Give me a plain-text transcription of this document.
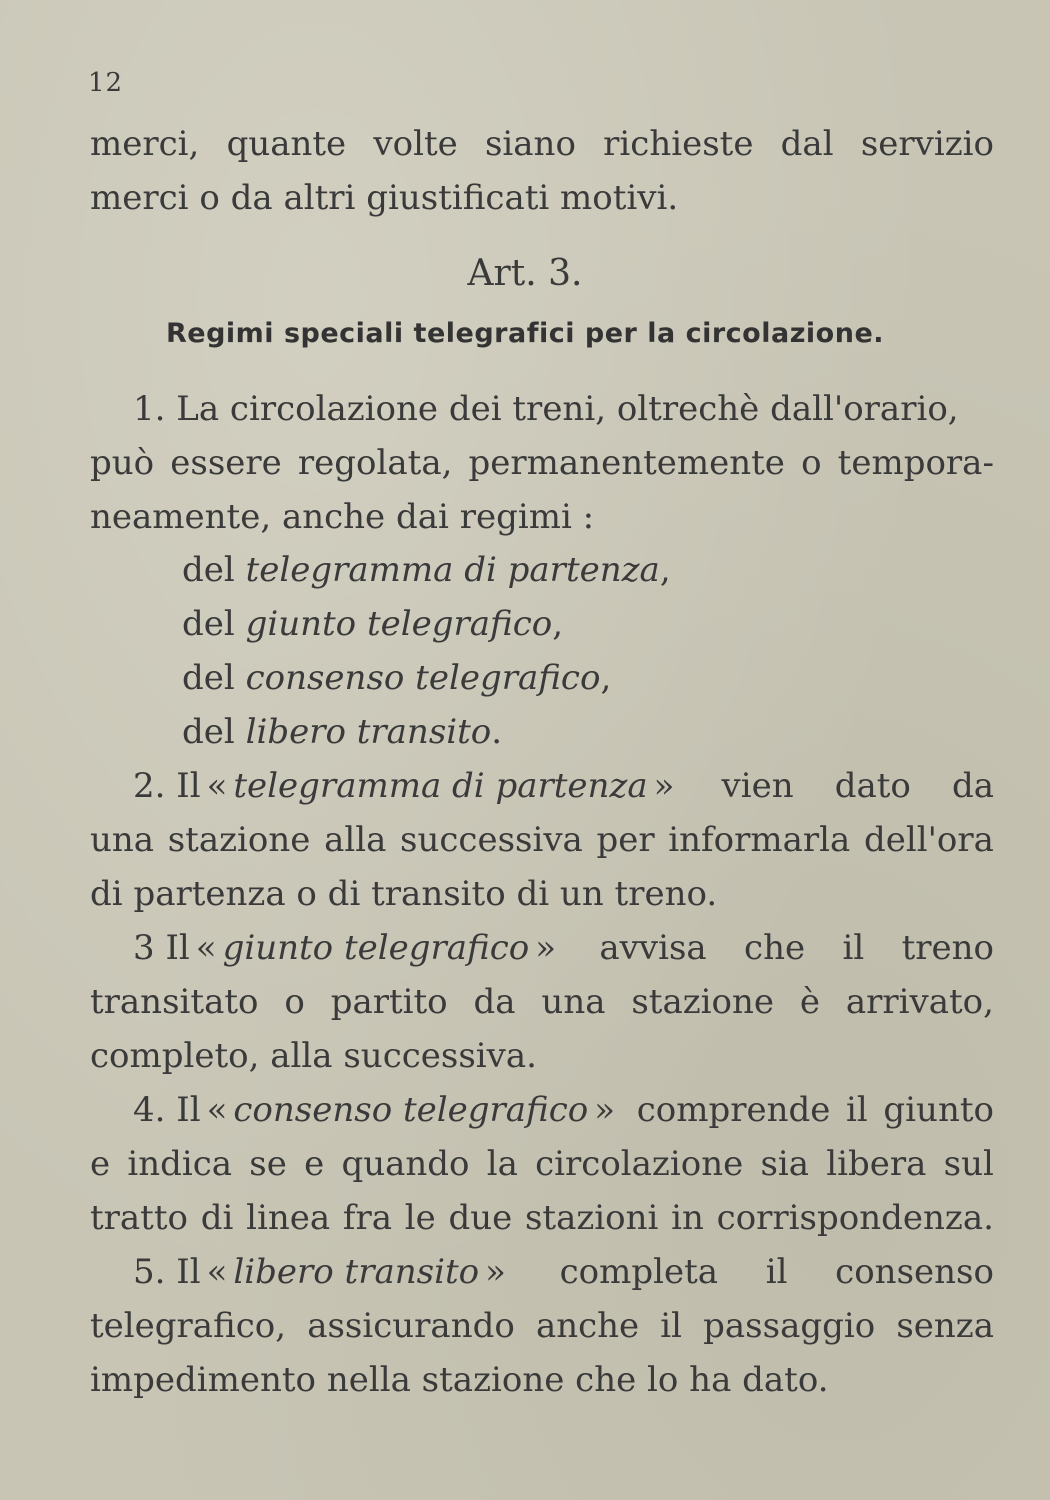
12
merci, quante volte siano richieste dal servizio
merci o da altri giustificati motivi.
Art. 3.
Regimi speciali telegrafici per la circolazione.
1. La circolazione dei treni, oltrechè dall'orario,
può essere regolata, permanentemente o tempora-
neamente, anche dai regimi :
del telegramma di partenza,
del giunto telegrafico,
del consenso telegrafico,
del libero transito.
2. Il « telegramma di partenza » vien dato da
una stazione alla successiva per informarla dell'ora
di partenza o di transito di un treno.
3 Il « giunto telegrafico » avvisa che il treno
transitato o partito da una stazione è arrivato,
completo, alla successiva.
4. Il « consenso telegrafico » comprende il giunto
e indica se e quando la circolazione sia libera sul
tratto di linea fra le due stazioni in corrispondenza.
5. Il « libero transito » completa il consenso
telegrafico, assicurando anche il passaggio senza
impedimento nella stazione che lo ha dato.
